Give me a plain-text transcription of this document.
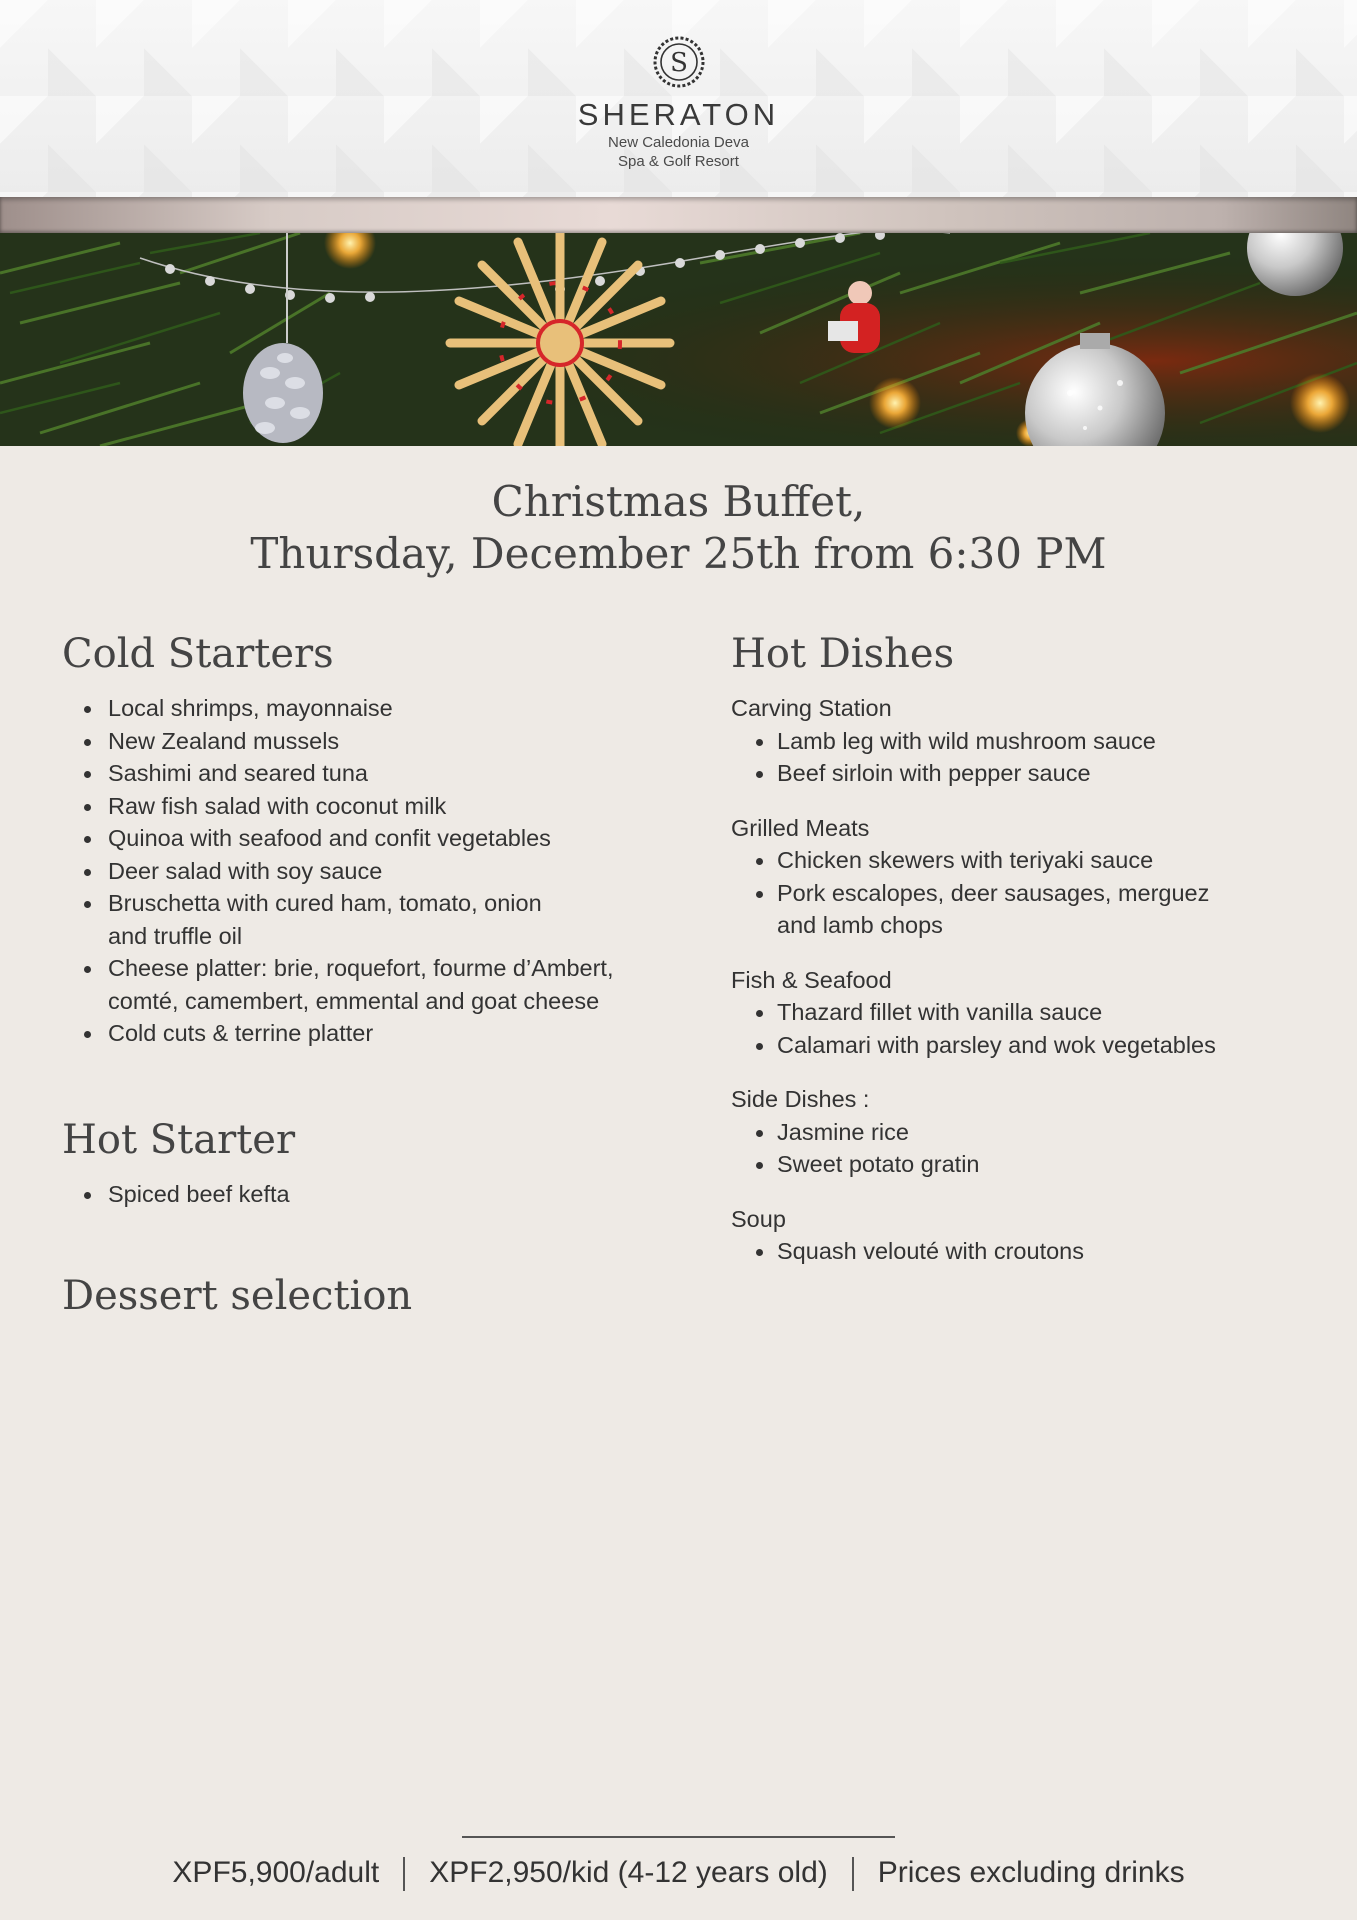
S
SHERATON
New Caledonia Deva
Spa & Golf Resort
Christmas Buffet,
Thursday, December 25th from 6:30 PM
Cold Starters
Local shrimps, mayonnaise
New Zealand mussels
Sashimi and seared tuna
Raw fish salad with coconut milk
Quinoa with seafood and confit vegetables
Deer salad with soy sauce
Bruschetta with cured ham, tomato, onion and truffle oil
Cheese platter: brie, roquefort, fourme d’Ambert, comté, camembert, emmental and goat cheese
Cold cuts & terrine platter
Hot Starter
Spiced beef kefta
Dessert selection
Hot Dishes

Carving Station

Lamb leg with wild mushroom sauce
Beef sirloin with pepper sauce

Grilled Meats

Chicken skewers with teriyaki sauce
Pork escalopes, deer sausages, merguez and lamb chops

Fish & Seafood

Thazard fillet with vanilla sauce
Calamari with parsley and wok vegetables

Side Dishes :

Jasmine rice
Sweet potato gratin

Soup

Squash velouté with croutons
XPF5,900/adult XPF2,950/kid (4-12 years old) Prices excluding drinks
